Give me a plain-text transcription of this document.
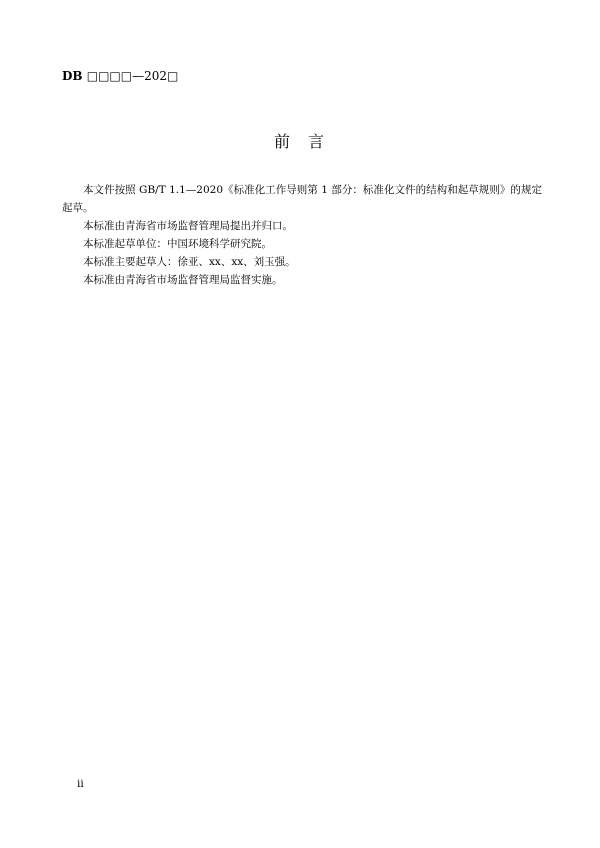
DB □□□□—202□
前 言

本文件按照 GB/T 1.1—2020《标准化工作导则第 1 部分：标准化文件的结构和起草规则》的规定起草。

本标准由青海省市场监督管理局提出并归口。

本标准起草单位：中国环境科学研究院。

本标准主要起草人：徐亚、xx、xx、刘玉强。

本标准由青海省市场监督管理局监督实施。

ii
